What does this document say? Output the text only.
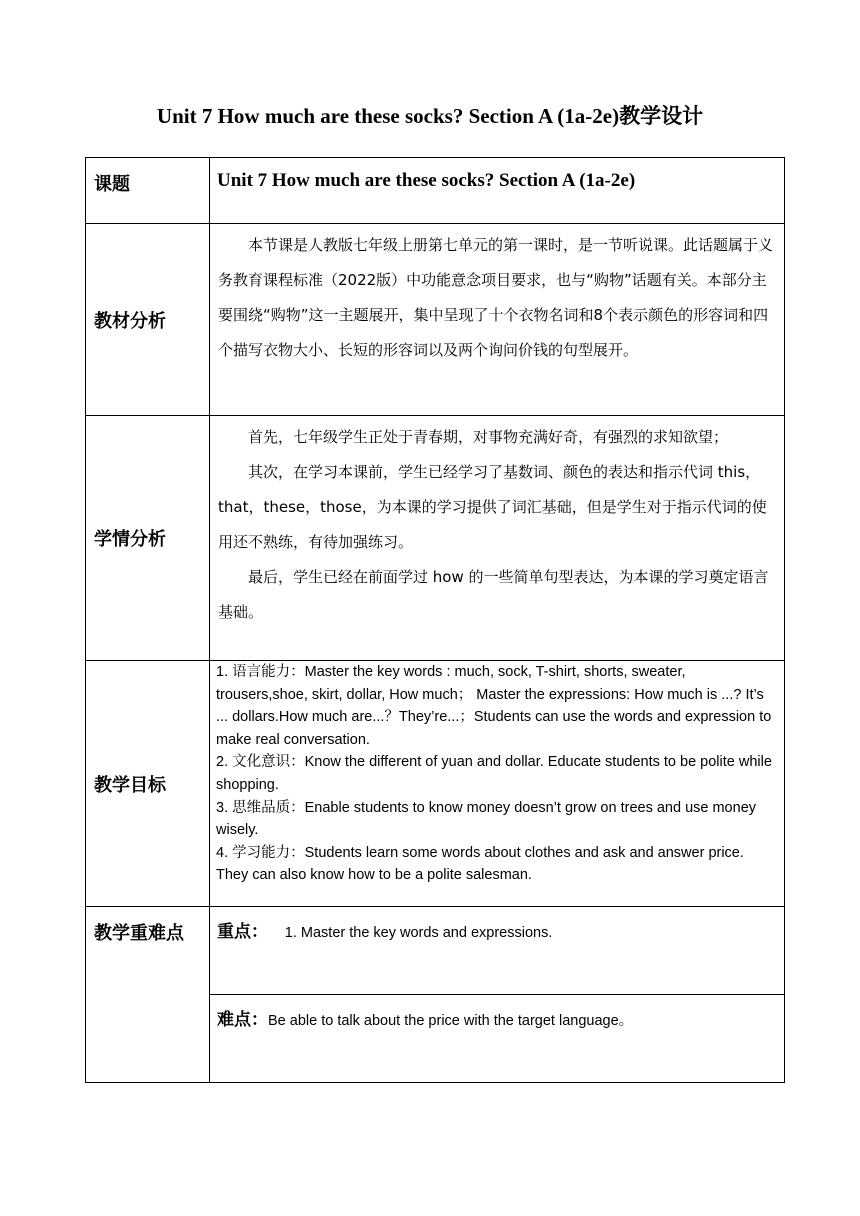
Unit 7 How much are these socks? Section A (1a-2e)教学设计
课题	Unit 7 How much are these socks? Section A (1a-2e)
教材分析	本节课是人教版七年级上册第七单元的第一课时，是一节听说课。此话题属于义务教育课程标准（2022版）中功能意念项目要求，也与“购物”话题有关。本部分主要围绕“购物”这一主题展开，集中呈现了十个衣物名词和8个表示颜色的形容词和四个描写衣物大小、长短的形容词以及两个询问价钱的句型展开。

学情分析	首先，七年级学生正处于青春期，对事物充满好奇，有强烈的求知欲望；

其次，在学习本课前，学生已经学习了基数词、颜色的表达和指示代词 this，that，these，those，为本课的学习提供了词汇基础，但是学生对于指示代词的使用还不熟练，有待加强练习。

最后，学生已经在前面学过 how 的一些简单句型表达，为本课的学习奠定语言基础。

教学目标	1. 语言能力：Master the key words : much, sock, T-shirt, shorts, sweater, trousers,shoe, skirt, dollar, How much； Master the expressions: How much is ...? It’s ... dollars.How much are...？They’re...；Students can use the words and expression to make real conversation.

2. 文化意识：Know the different of yuan and dollar. Educate students to be polite while shopping.

3. 思维品质：Enable students to know money doesn’t grow on trees and use money wisely.

4. 学习能力：Students learn some words about clothes and ask and answer price. They can also know how to be a polite salesman.

教学重难点	重点： 1. Master the key words and expressions.
	难点：Be able to talk about the price with the target language。
